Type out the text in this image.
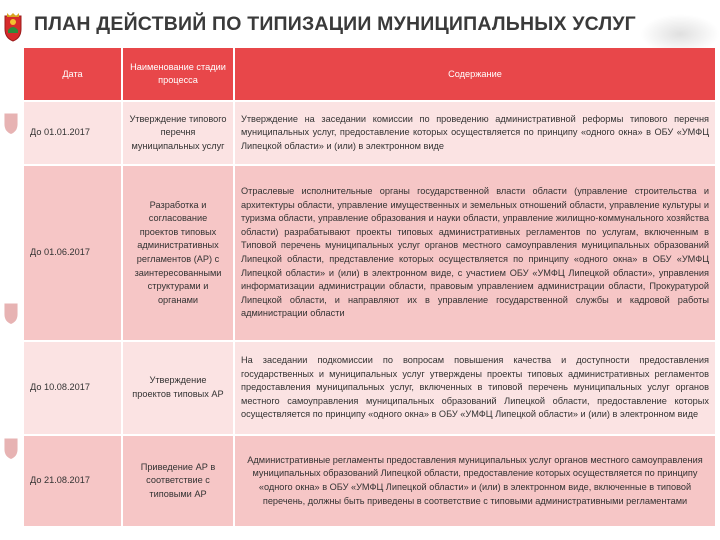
ПЛАН ДЕЙСТВИЙ ПО ТИПИЗАЦИИ МУНИЦИПАЛЬНЫХ УСЛУГ
Дата	Наименование стадии процесса	Содержание
До 01.01.2017	Утверждение типового перечня муниципальных услуг	Утверждение на заседании комиссии по проведению административной реформы типового перечня муниципальных услуг, предоставление которых осуществляется по принципу «одного окна» в ОБУ «УМФЦ Липецкой области» и (или) в электронном виде
До 01.06.2017	Разработка и согласование проектов типовых административных регламентов (АР) с заинтересованными структурами и органами	Отраслевые исполнительные органы государственной власти области (управление строительства и архитектуры области, управление имущественных и земельных отношений области, управление культуры и туризма области, управление образования и науки области, управление жилищно-коммунального хозяйства области) разрабатывают проекты типовых административных регламентов по услугам, включенным в Типовой перечень муниципальных услуг органов местного самоуправления муниципальных образований Липецкой области, представление которых осуществляется по принципу «одного окна» в ОБУ «УМФЦ Липецкой области» и (или) в электронном виде, с участием ОБУ «УМФЦ Липецкой области», управления информатизации администрации области, правовым управлением администрации области, Прокуратурой Липецкой области, и направляют их в управление государственной службы и кадровой работы администрации области
До 10.08.2017	Утверждение проектов типовых АР	На заседании подкомиссии по вопросам повышения качества и доступности предоставления государственных и муниципальных услуг утверждены проекты типовых административных регламентов предоставления муниципальных услуг, включенных в типовой перечень муниципальных услуг органов местного самоуправления муниципальных образований Липецкой области, предоставление которых осуществляется по принципу «одного окна» в ОБУ «УМФЦ Липецкой области» и (или) в электронном виде
До 21.08.2017	Приведение АР в соответствие с типовыми АР	Административные регламенты предоставления муниципальных услуг органов местного самоуправления муниципальных образований Липецкой области, предоставление которых осуществляется по принципу «одного окна» в ОБУ «УМФЦ Липецкой области» и (или) в электронном виде, включенные в типовой перечень, должны быть приведены в соответствие с типовыми административными регламентами
